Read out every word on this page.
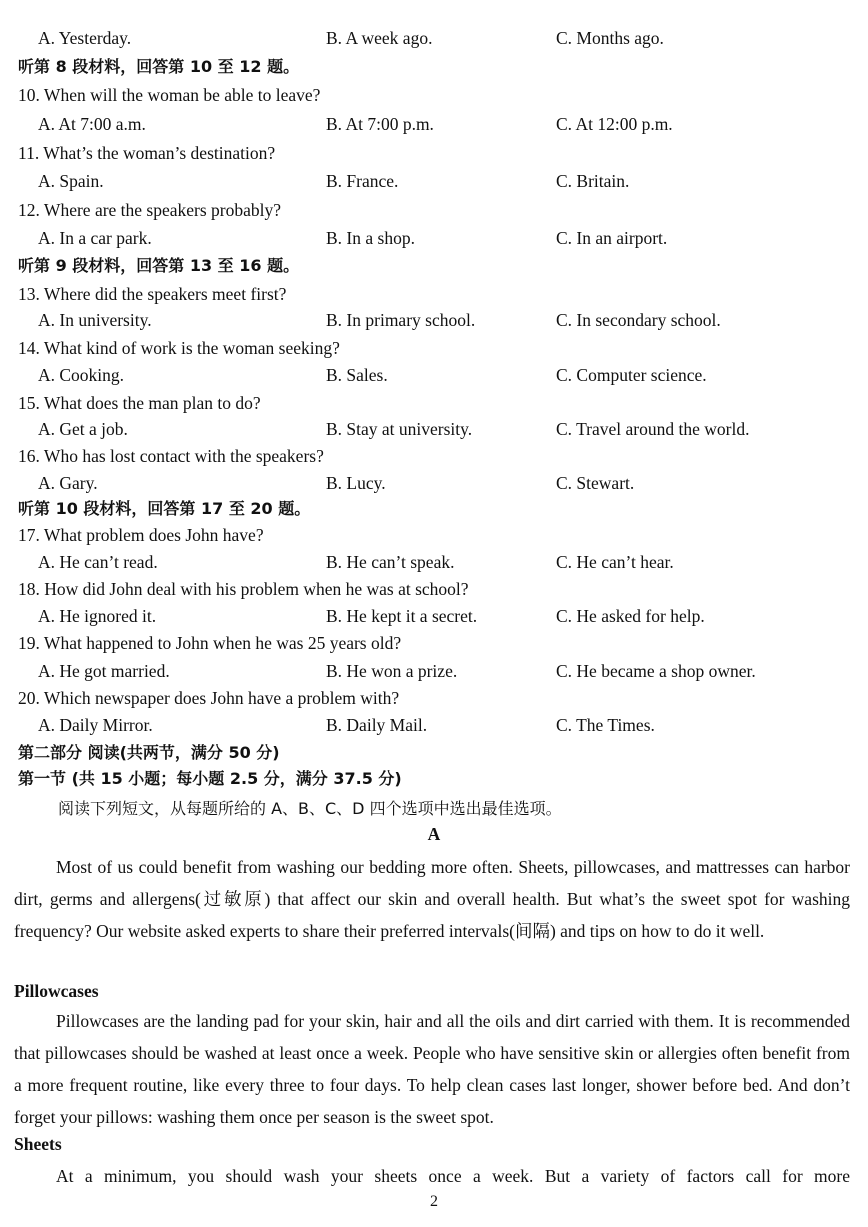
A. Yesterday.	B. A week ago.	C. Months ago.
听第 8 段材料，回答第 10 至 12 题。
10. When will the woman be able to leave?
A. At 7:00 a.m.	B. At 7:00 p.m.	C. At 12:00 p.m.
11. What’s the woman’s destination?
A. Spain.	B. France.	C. Britain.
12. Where are the speakers probably?
A. In a car park.	B. In a shop.	C. In an airport.
听第 9 段材料，回答第 13 至 16 题。
13. Where did the speakers meet first?
A. In university.	B. In primary school.	C. In secondary school.
14. What kind of work is the woman seeking?
A. Cooking.	B. Sales.	C. Computer science.
15. What does the man plan to do?
A. Get a job.	B. Stay at university.	C. Travel around the world.
16. Who has lost contact with the speakers?
A. Gary.	B. Lucy.	C. Stewart.
听第 10 段材料，回答第 17 至 20 题。
17. What problem does John have?
A. He can’t read.	B. He can’t speak.	C. He can’t hear.
18. How did John deal with his problem when he was at school?
A. He ignored it.	B. He kept it a secret.	C. He asked for help.
19. What happened to John when he was 25 years old?
A. He got married.	B. He won a prize.	C. He became a shop owner.
20. Which newspaper does John have a problem with?
A. Daily Mirror.	B. Daily Mail.	C. The Times.
第二部分 阅读(共两节，满分 50 分)
第一节 (共 15 小题；每小题 2.5 分，满分 37.5 分)
阅读下列短文，从每题所给的 A、B、C、D 四个选项中选出最佳选项。
A

Most of us could benefit from washing our bedding more often. Sheets, pillowcases, and mattresses can harbor dirt, germs and allergens(过敏原) that affect our skin and overall health. But what’s the sweet spot for washing frequency? Our website asked experts to share their preferred intervals(间隔) and tips on how to do it well.

Pillowcases

Pillowcases are the landing pad for your skin, hair and all the oils and dirt carried with them. It is recommended that pillowcases should be washed at least once a week. People who have sensitive skin or allergies often benefit from a more frequent routine, like every three to four days. To help clean cases last longer, shower before bed. And don’t forget your pillows: washing them once per season is the sweet spot.

Sheets

At a minimum, you should wash your sheets once a week. But a variety of factors call for more

2
